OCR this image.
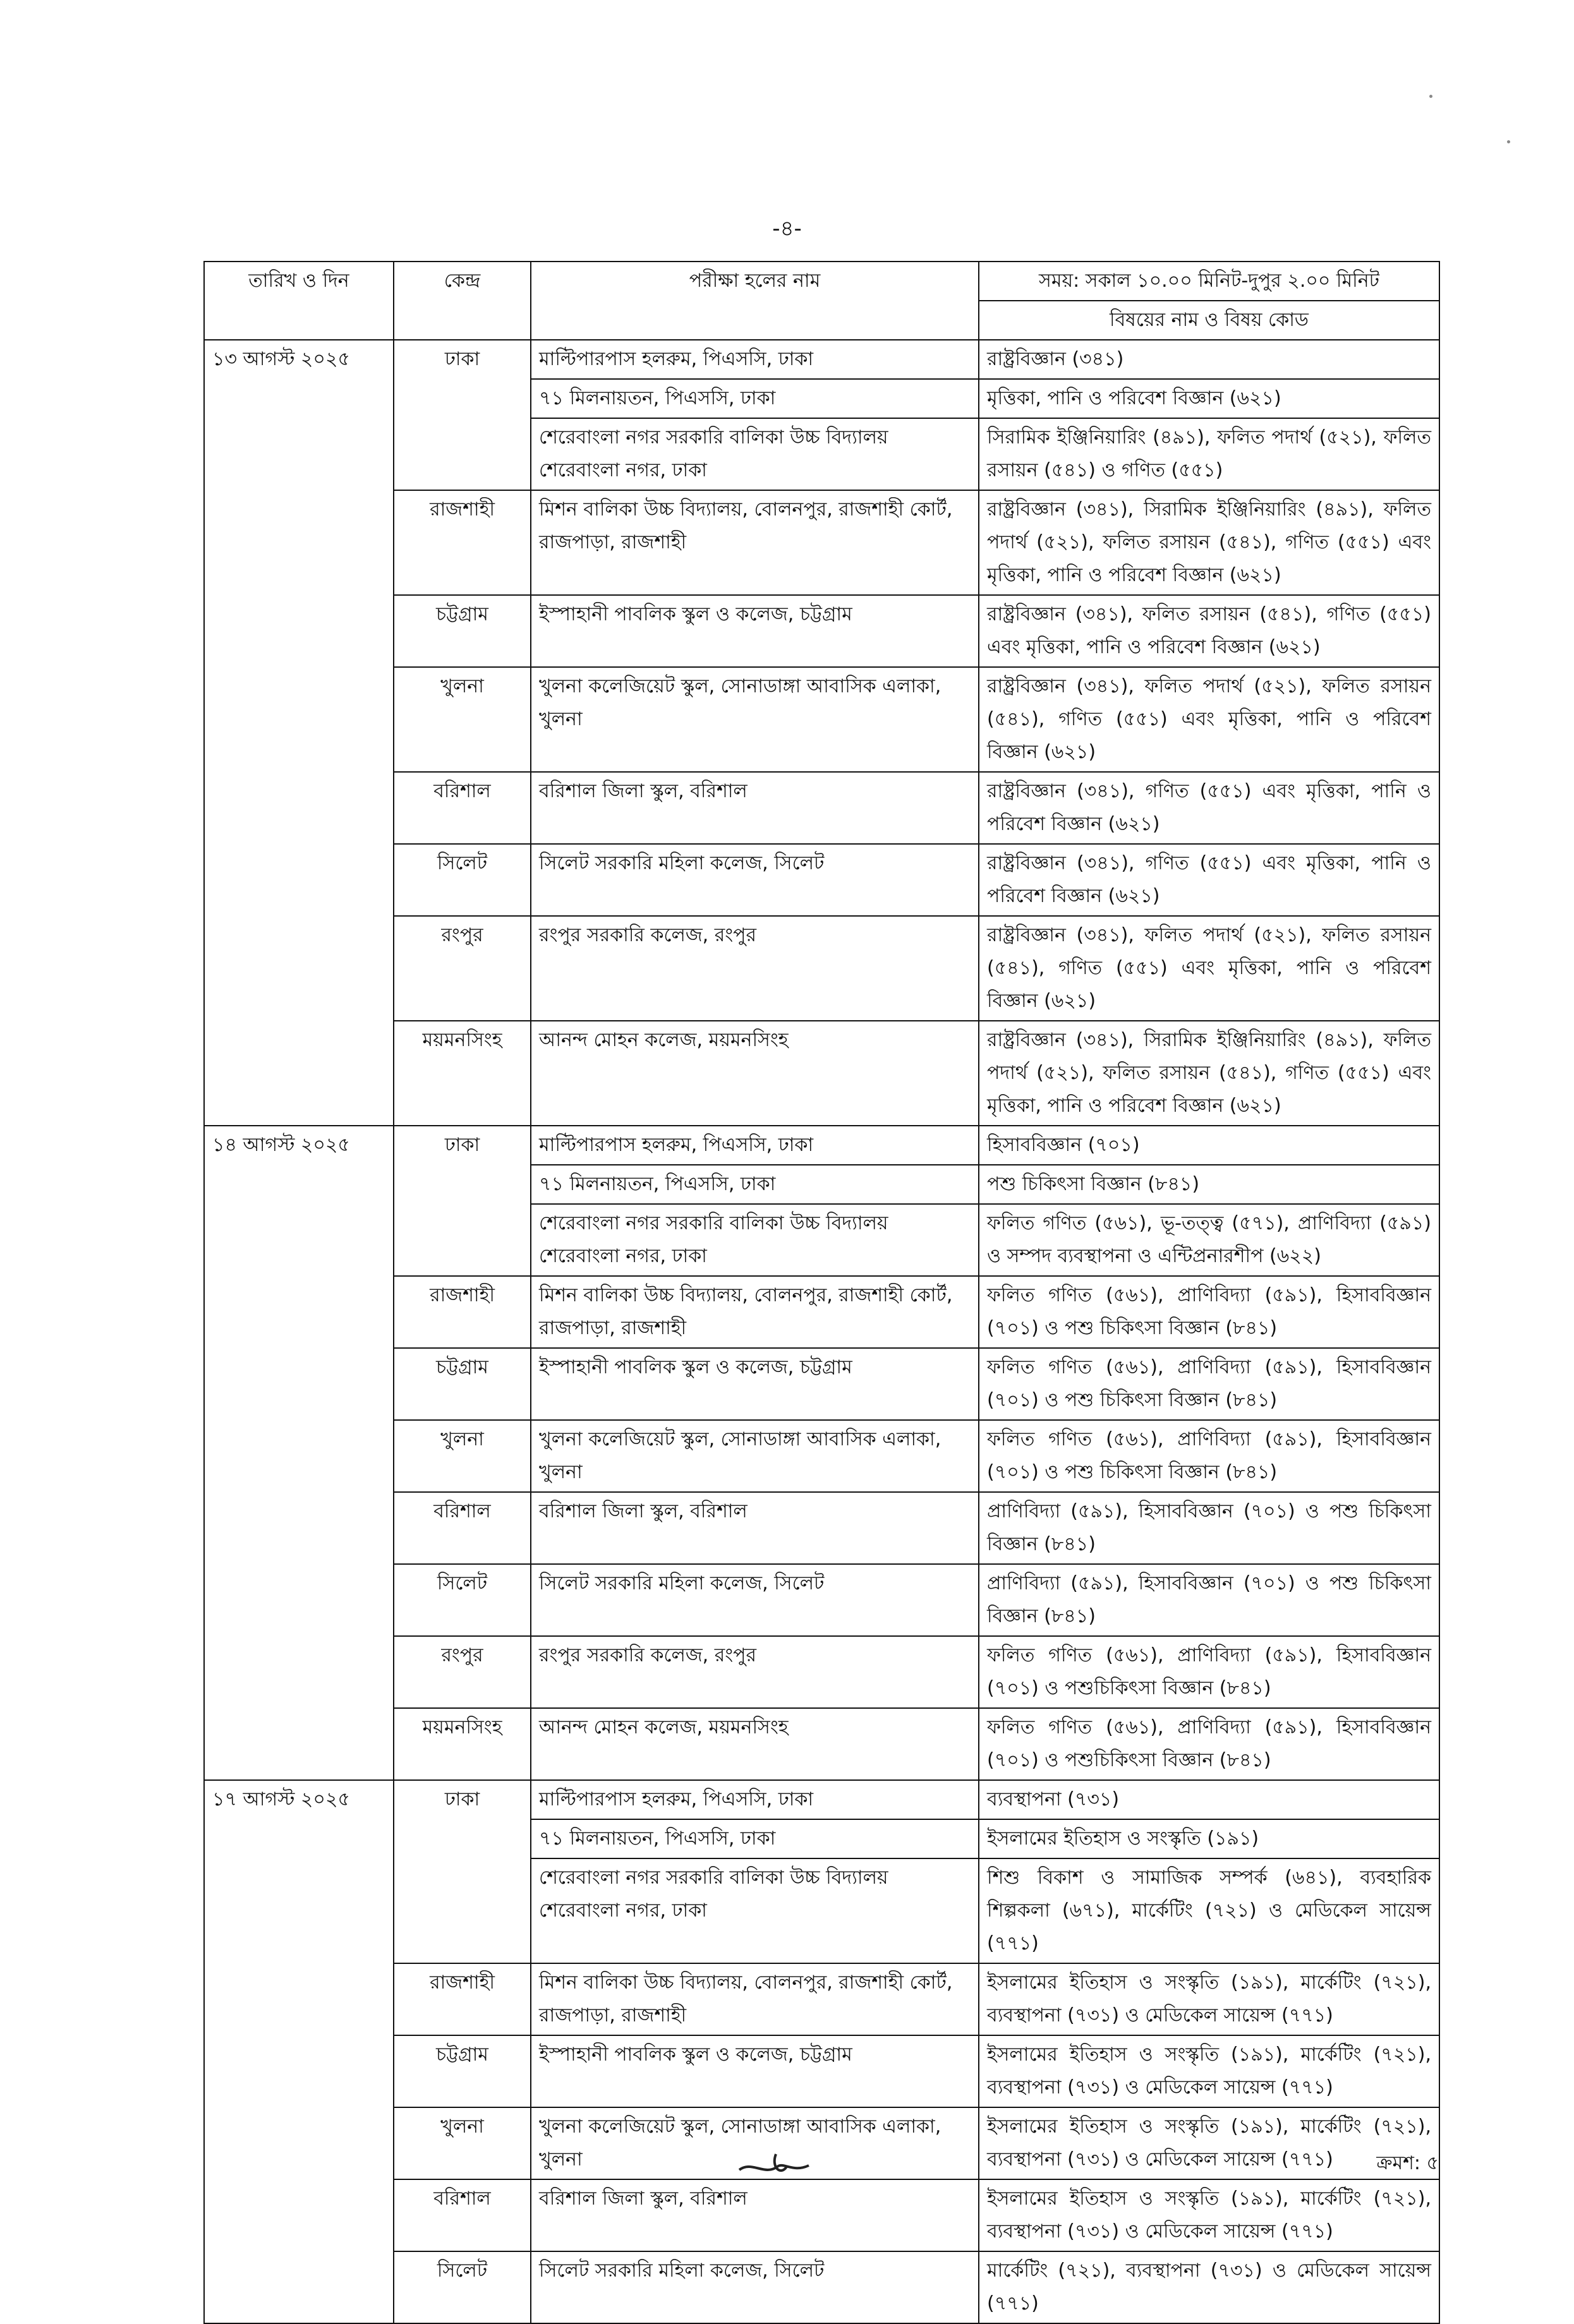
-৪-
তারিখ ও দিন	কেন্দ্র	পরীক্ষা হলের নাম	সময়: সকাল ১০.০০ মিনিট-দুপুর ২.০০ মিনিট
			বিষয়ের নাম ও বিষয় কোড
১৩ আগস্ট ২০২৫	ঢাকা	মাল্টিপারপাস হলরুম, পিএসসি, ঢাকা	রাষ্ট্রবিজ্ঞান (৩৪১)
		৭১ মিলনায়তন, পিএসসি, ঢাকা	মৃত্তিকা, পানি ও পরিবেশ বিজ্ঞান (৬২১)
		শেরেবাংলা নগর সরকারি বালিকা উচ্চ বিদ্যালয় শেরেবাংলা নগর, ঢাকা	সিরামিক ইঞ্জিনিয়ারিং (৪৯১), ফলিত পদার্থ (৫২১), ফলিত রসায়ন (৫৪১) ও গণিত (৫৫১)
	রাজশাহী	মিশন বালিকা উচ্চ বিদ্যালয়, বোলনপুর, রাজশাহী কোর্ট, রাজপাড়া, রাজশাহী	রাষ্ট্রবিজ্ঞান (৩৪১), সিরামিক ইঞ্জিনিয়ারিং (৪৯১), ফলিত পদার্থ (৫২১), ফলিত রসায়ন (৫৪১), গণিত (৫৫১) এবং মৃত্তিকা, পানি ও পরিবেশ বিজ্ঞান (৬২১)
	চট্টগ্রাম	ইস্পাহানী পাবলিক স্কুল ও কলেজ, চট্টগ্রাম	রাষ্ট্রবিজ্ঞান (৩৪১), ফলিত রসায়ন (৫৪১), গণিত (৫৫১) এবং মৃত্তিকা, পানি ও পরিবেশ বিজ্ঞান (৬২১)
	খুলনা	খুলনা কলেজিয়েট স্কুল, সোনাডাঙ্গা আবাসিক এলাকা, খুলনা	রাষ্ট্রবিজ্ঞান (৩৪১), ফলিত পদার্থ (৫২১), ফলিত রসায়ন (৫৪১), গণিত (৫৫১) এবং মৃত্তিকা, পানি ও পরিবেশ বিজ্ঞান (৬২১)
	বরিশাল	বরিশাল জিলা স্কুল, বরিশাল	রাষ্ট্রবিজ্ঞান (৩৪১), গণিত (৫৫১) এবং মৃত্তিকা, পানি ও পরিবেশ বিজ্ঞান (৬২১)
	সিলেট	সিলেট সরকারি মহিলা কলেজ, সিলেট	রাষ্ট্রবিজ্ঞান (৩৪১), গণিত (৫৫১) এবং মৃত্তিকা, পানি ও পরিবেশ বিজ্ঞান (৬২১)
	রংপুর	রংপুর সরকারি কলেজ, রংপুর	রাষ্ট্রবিজ্ঞান (৩৪১), ফলিত পদার্থ (৫২১), ফলিত রসায়ন (৫৪১), গণিত (৫৫১) এবং মৃত্তিকা, পানি ও পরিবেশ বিজ্ঞান (৬২১)
	ময়মনসিংহ	আনন্দ মোহন কলেজ, ময়মনসিংহ	রাষ্ট্রবিজ্ঞান (৩৪১), সিরামিক ইঞ্জিনিয়ারিং (৪৯১), ফলিত পদার্থ (৫২১), ফলিত রসায়ন (৫৪১), গণিত (৫৫১) এবং মৃত্তিকা, পানি ও পরিবেশ বিজ্ঞান (৬২১)
১৪ আগস্ট ২০২৫	ঢাকা	মাল্টিপারপাস হলরুম, পিএসসি, ঢাকা	হিসাববিজ্ঞান (৭০১)
		৭১ মিলনায়তন, পিএসসি, ঢাকা	পশু চিকিৎসা বিজ্ঞান (৮৪১)
		শেরেবাংলা নগর সরকারি বালিকা উচ্চ বিদ্যালয় শেরেবাংলা নগর, ঢাকা	ফলিত গণিত (৫৬১), ভূ-তত্ত্ব (৫৭১), প্রাণিবিদ্যা (৫৯১) ও সম্পদ ব্যবস্থাপনা ও এন্টিপ্রনারশীপ (৬২২)
	রাজশাহী	মিশন বালিকা উচ্চ বিদ্যালয়, বোলনপুর, রাজশাহী কোর্ট, রাজপাড়া, রাজশাহী	ফলিত গণিত (৫৬১), প্রাণিবিদ্যা (৫৯১), হিসাববিজ্ঞান (৭০১) ও পশু চিকিৎসা বিজ্ঞান (৮৪১)
	চট্টগ্রাম	ইস্পাহানী পাবলিক স্কুল ও কলেজ, চট্টগ্রাম	ফলিত গণিত (৫৬১), প্রাণিবিদ্যা (৫৯১), হিসাববিজ্ঞান (৭০১) ও পশু চিকিৎসা বিজ্ঞান (৮৪১)
	খুলনা	খুলনা কলেজিয়েট স্কুল, সোনাডাঙ্গা আবাসিক এলাকা, খুলনা	ফলিত গণিত (৫৬১), প্রাণিবিদ্যা (৫৯১), হিসাববিজ্ঞান (৭০১) ও পশু চিকিৎসা বিজ্ঞান (৮৪১)
	বরিশাল	বরিশাল জিলা স্কুল, বরিশাল	প্রাণিবিদ্যা (৫৯১), হিসাববিজ্ঞান (৭০১) ও পশু চিকিৎসা বিজ্ঞান (৮৪১)
	সিলেট	সিলেট সরকারি মহিলা কলেজ, সিলেট	প্রাণিবিদ্যা (৫৯১), হিসাববিজ্ঞান (৭০১) ও পশু চিকিৎসা বিজ্ঞান (৮৪১)
	রংপুর	রংপুর সরকারি কলেজ, রংপুর	ফলিত গণিত (৫৬১), প্রাণিবিদ্যা (৫৯১), হিসাববিজ্ঞান (৭০১) ও পশুচিকিৎসা বিজ্ঞান (৮৪১)
	ময়মনসিংহ	আনন্দ মোহন কলেজ, ময়মনসিংহ	ফলিত গণিত (৫৬১), প্রাণিবিদ্যা (৫৯১), হিসাববিজ্ঞান (৭০১) ও পশুচিকিৎসা বিজ্ঞান (৮৪১)
১৭ আগস্ট ২০২৫	ঢাকা	মাল্টিপারপাস হলরুম, পিএসসি, ঢাকা	ব্যবস্থাপনা (৭৩১)
		৭১ মিলনায়তন, পিএসসি, ঢাকা	ইসলামের ইতিহাস ও সংস্কৃতি (১৯১)
		শেরেবাংলা নগর সরকারি বালিকা উচ্চ বিদ্যালয় শেরেবাংলা নগর, ঢাকা	শিশু বিকাশ ও সামাজিক সম্পর্ক (৬৪১), ব্যবহারিক শিল্পকলা (৬৭১), মার্কেটিং (৭২১) ও মেডিকেল সায়েন্স (৭৭১)
	রাজশাহী	মিশন বালিকা উচ্চ বিদ্যালয়, বোলনপুর, রাজশাহী কোর্ট, রাজপাড়া, রাজশাহী	ইসলামের ইতিহাস ও সংস্কৃতি (১৯১), মার্কেটিং (৭২১), ব্যবস্থাপনা (৭৩১) ও মেডিকেল সায়েন্স (৭৭১)
	চট্টগ্রাম	ইস্পাহানী পাবলিক স্কুল ও কলেজ, চট্টগ্রাম	ইসলামের ইতিহাস ও সংস্কৃতি (১৯১), মার্কেটিং (৭২১), ব্যবস্থাপনা (৭৩১) ও মেডিকেল সায়েন্স (৭৭১)
	খুলনা	খুলনা কলেজিয়েট স্কুল, সোনাডাঙ্গা আবাসিক এলাকা, খুলনা	ইসলামের ইতিহাস ও সংস্কৃতি (১৯১), মার্কেটিং (৭২১), ব্যবস্থাপনা (৭৩১) ও মেডিকেল সায়েন্স (৭৭১)
	বরিশাল	বরিশাল জিলা স্কুল, বরিশাল	ইসলামের ইতিহাস ও সংস্কৃতি (১৯১), মার্কেটিং (৭২১), ব্যবস্থাপনা (৭৩১) ও মেডিকেল সায়েন্স (৭৭১)
	সিলেট	সিলেট সরকারি মহিলা কলেজ, সিলেট	মার্কেটিং (৭২১), ব্যবস্থাপনা (৭৩১) ও মেডিকেল সায়েন্স (৭৭১)
ক্রমশ: ৫
